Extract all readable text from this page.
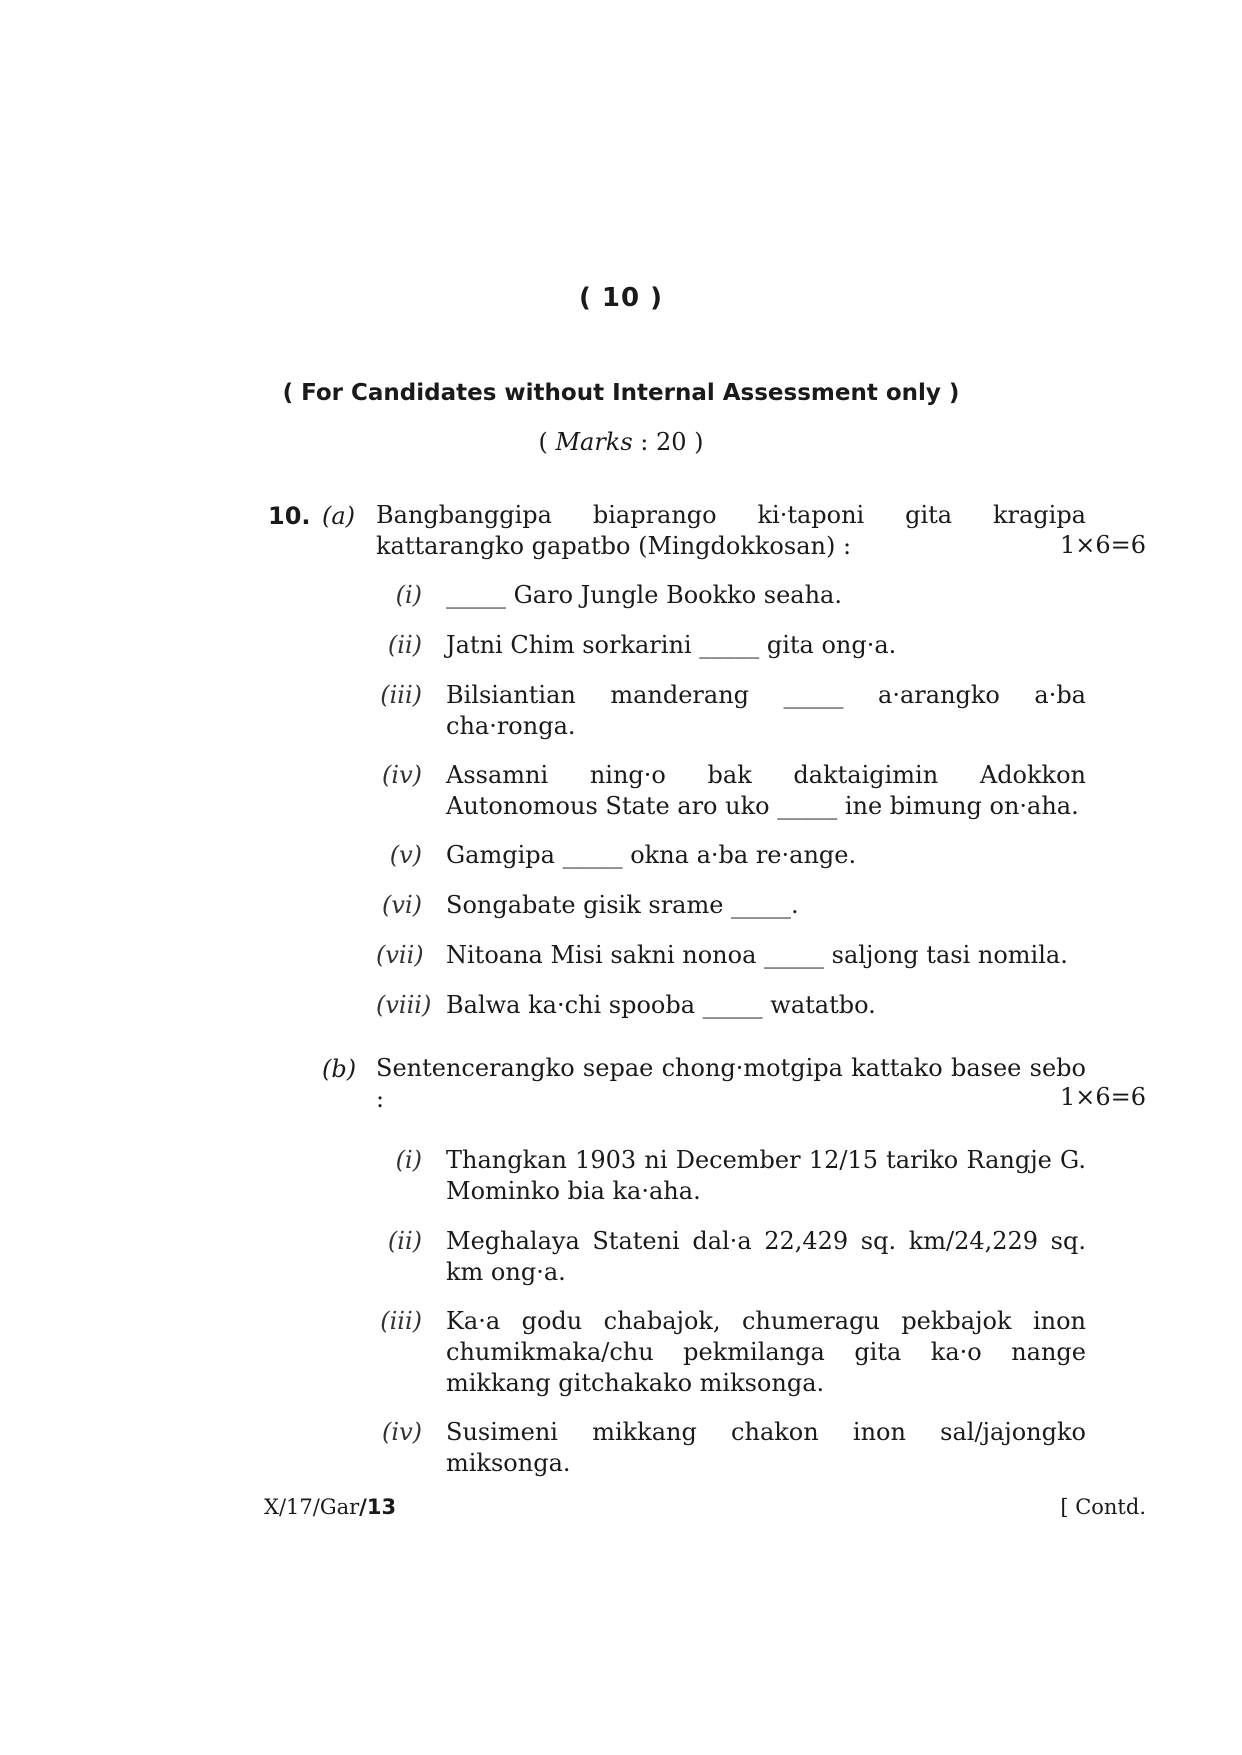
( 10 )
( For Candidates without Internal Assessment only )
( Marks : 20 )
10. (a) Bangbanggipa biaprango ki·taponi gita kragipa
kattarangko gapatbo (Mingdokkosan) :	1×6=6
(i) _____ Garo Jungle Bookko seaha.
(ii) Jatni Chim sorkarini _____ gita ong·a.
(iii) Bilsiantian manderang _____ a·arangko a·ba cha·ronga.
(iv) Assamni ning·o bak daktaigimin Adokkon Autonomous State aro uko _____ ine bimung on·aha.
(v) Gamgipa _____ okna a·ba re·ange.
(vi) Songabate gisik srame _____.
(vii) Nitoana Misi sakni nonoa _____ saljong tasi nomila.
(viii) Balwa ka·chi spooba _____ watatbo.
(b) Sentencerangko sepae chong·motgipa kattako basee sebo :	1×6=6
(i) Thangkan 1903 ni December 12/15 tariko Rangje G. Mominko bia ka·aha.
(ii) Meghalaya Stateni dal·a 22,429 sq. km/24,229 sq. km ong·a.
(iii) Ka·a godu chabajok, chumeragu pekbajok inon chumikmaka/chu pekmilanga gita ka·o nange mikkang gitchakako miksonga.
(iv) Susimeni mikkang chakon inon sal/jajongko miksonga.
X/17/Gar/13	[ Contd.
